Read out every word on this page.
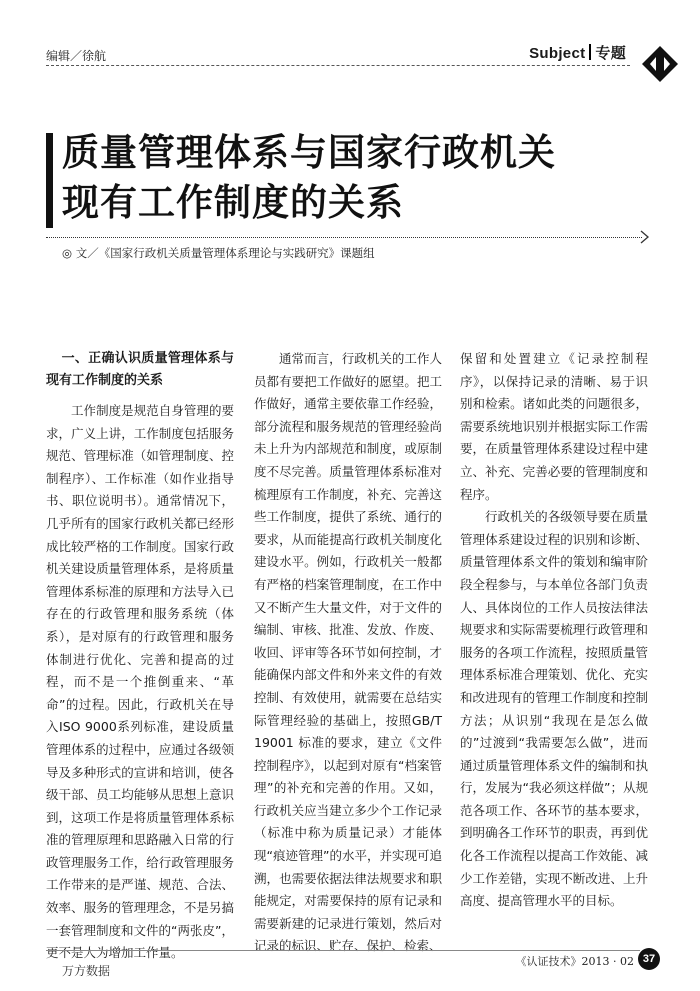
编辑／徐航	Subject 专题
质量管理体系与国家行政机关
现有工作制度的关系
◎ 文／《国家行政机关质量管理体系理论与实践研究》课题组
一、正确认识质量管理体系与现有工作制度的关系

工作制度是规范自身管理的要求，广义上讲，工作制度包括服务规范、管理标准（如管理制度、控制程序）、工作标准（如作业指导书、职位说明书）。通常情况下，几乎所有的国家行政机关都已经形成比较严格的工作制度。国家行政机关建设质量管理体系，是将质量管理体系标准的原理和方法导入已存在的行政管理和服务系统（体系），是对原有的行政管理和服务体制进行优化、完善和提高的过程，而不是一个推倒重来、“革命”的过程。因此，行政机关在导入ISO 9000系列标准，建设质量管理体系的过程中，应通过各级领导及多种形式的宣讲和培训，使各级干部、员工均能够从思想上意识到，这项工作是将质量管理体系标准的管理原理和思路融入日常的行政管理服务工作，给行政管理服务工作带来的是严谨、规范、合法、效率、服务的管理理念，不是另搞一套管理制度和文件的“两张皮”，更不是人为增加工作量。

通常而言，行政机关的工作人员都有要把工作做好的愿望。把工作做好，通常主要依靠工作经验，部分流程和服务规范的管理经验尚未上升为内部规范和制度，或原制度不尽完善。质量管理体系标准对梳理原有工作制度，补充、完善这些工作制度，提供了系统、通行的要求，从而能提高行政机关制度化建设水平。例如，行政机关一般都有严格的档案管理制度，在工作中又不断产生大量文件，对于文件的编制、审核、批准、发放、作废、收回、评审等各环节如何控制，才能确保内部文件和外来文件的有效控制、有效使用，就需要在总结实际管理经验的基础上，按照GB/T 19001 标准的要求，建立《文件控制程序》，以起到对原有“档案管理”的补充和完善的作用。又如，行政机关应当建立多少个工作记录（标准中称为质量记录）才能体现“痕迹管理”的水平，并实现可追溯，也需要依据法律法规要求和职能规定，对需要保持的原有记录和需要新建的记录进行策划，然后对记录的标识、贮存、保护、检索、

保留和处置建立《记录控制程序》，以保持记录的清晰、易于识别和检索。诸如此类的问题很多，需要系统地识别并根据实际工作需要，在质量管理体系建设过程中建立、补充、完善必要的管理制度和程序。

行政机关的各级领导要在质量管理体系建设过程的识别和诊断、质量管理体系文件的策划和编审阶段全程参与，与本单位各部门负责人、具体岗位的工作人员按法律法规要求和实际需要梳理行政管理和服务的各项工作流程，按照质量管理体系标准合理策划、优化、充实和改进现有的管理工作制度和控制方法；从识别“我现在是怎么做的”过渡到“我需要怎么做”，进而通过质量管理体系文件的编制和执行，发展为“我必须这样做”；从规范各项工作、各环节的基本要求，到明确各工作环节的职责，再到优化各工作流程以提高工作效能、减少工作差错，实现不断改进、上升高度、提高管理水平的目标。

万方数据
《认证技术》2013 · 02 37
